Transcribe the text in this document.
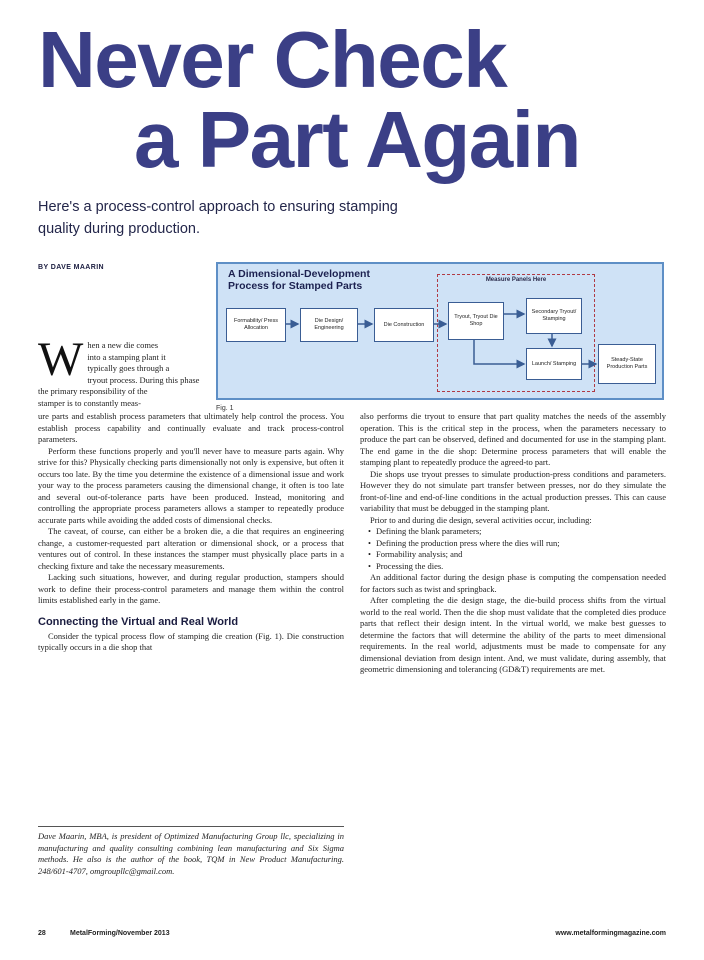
Never Check
a Part Again
Here's a process-control approach to ensuring stamping quality during production.
BY DAVE MAARIN
A Dimensional-Development
Process for Stamped Parts	Measure Panels Here
Formability/ Press Allocation
Die Design/ Engineering
Die Construction
Tryout, Tryout Die Shop
Secondary Tryout/ Stamping
Launch/ Stamping
Steady-State Production Parts
Fig. 1
W hen a new die comes
into a stamping plant it
typically goes through a
tryout process. During this phase
the primary responsibility of the
stamper is to constantly meas-

ure parts and establish process parameters that ultimately help control the process. You establish process capability and continually evaluate and track process-control parameters.

Perform these functions properly and you'll never have to measure parts again. Why strive for this? Physically checking parts dimensionally not only is expensive, but often it occurs too late. By the time you determine the existence of a dimensional issue and work your way to the process parameters causing the dimensional change, it often is too late and several out-of-tolerance parts have been produced. Instead, monitoring and controlling the appropriate process parameters allows a stamper to repeatedly produce accurate parts while avoiding the added costs of dimensional checks.

The caveat, of course, can either be a broken die, a die that requires an engineering change, a customer-requested part alteration or dimensional shock, or a process that ventures out of control. In these instances the stamper must physically place parts in a checking fixture and take the necessary measurements.

Lacking such situations, however, and during regular production, stampers should work to define their process-control parameters and manage them within the control limits established early in the game.

Connecting the Virtual and Real World

Consider the typical process flow of stamping die creation (Fig. 1). Die construction typically occurs in a die shop that

Dave Maarin, MBA, is president of Optimized Manufacturing Group llc, specializing in manufacturing and quality consulting combining lean manufacturing and Six Sigma methods. He also is the author of the book, TQM in New Product Manufacturing. 248/601-4707, omgroupllc@gmail.com.

also performs die tryout to ensure that part quality matches the needs of the assembly operation. This is the critical step in the process, when the parameters necessary to produce the part can be observed, defined and documented for use in the stamping plant. The end game in the die shop: Determine process parameters that will enable the stamping plant to repeatedly produce the agreed-to part.

Die shops use tryout presses to simulate production-press conditions and parameters. However they do not simulate part transfer between presses, nor do they simulate the front-of-line and end-of-line conditions in the actual production presses. This can cause variability that must be debugged in the stamping plant.

Prior to and during die design, several activities occur, including:

• Defining the blank parameters;
• Defining the production press where the dies will run;
• Formability analysis; and
• Processing the dies.

An additional factor during the design phase is computing the compensation needed for factors such as twist and springback.

After completing the die design stage, the die-build process shifts from the virtual world to the real world. Then the die shop must validate that the completed dies produce parts that reflect their design intent. In the virtual world, we make best guesses to determine the factors that will determine the ability of the parts to meet dimensional requirements. In the real world, adjustments must be made to compensate for any dimensional deviation from design intent. And, we must validate, during assembly, that geometric dimensioning and tolerancing (GD&T) requirements are met.

28	MetalForming/November 2013	www.metalformingmagazine.com
